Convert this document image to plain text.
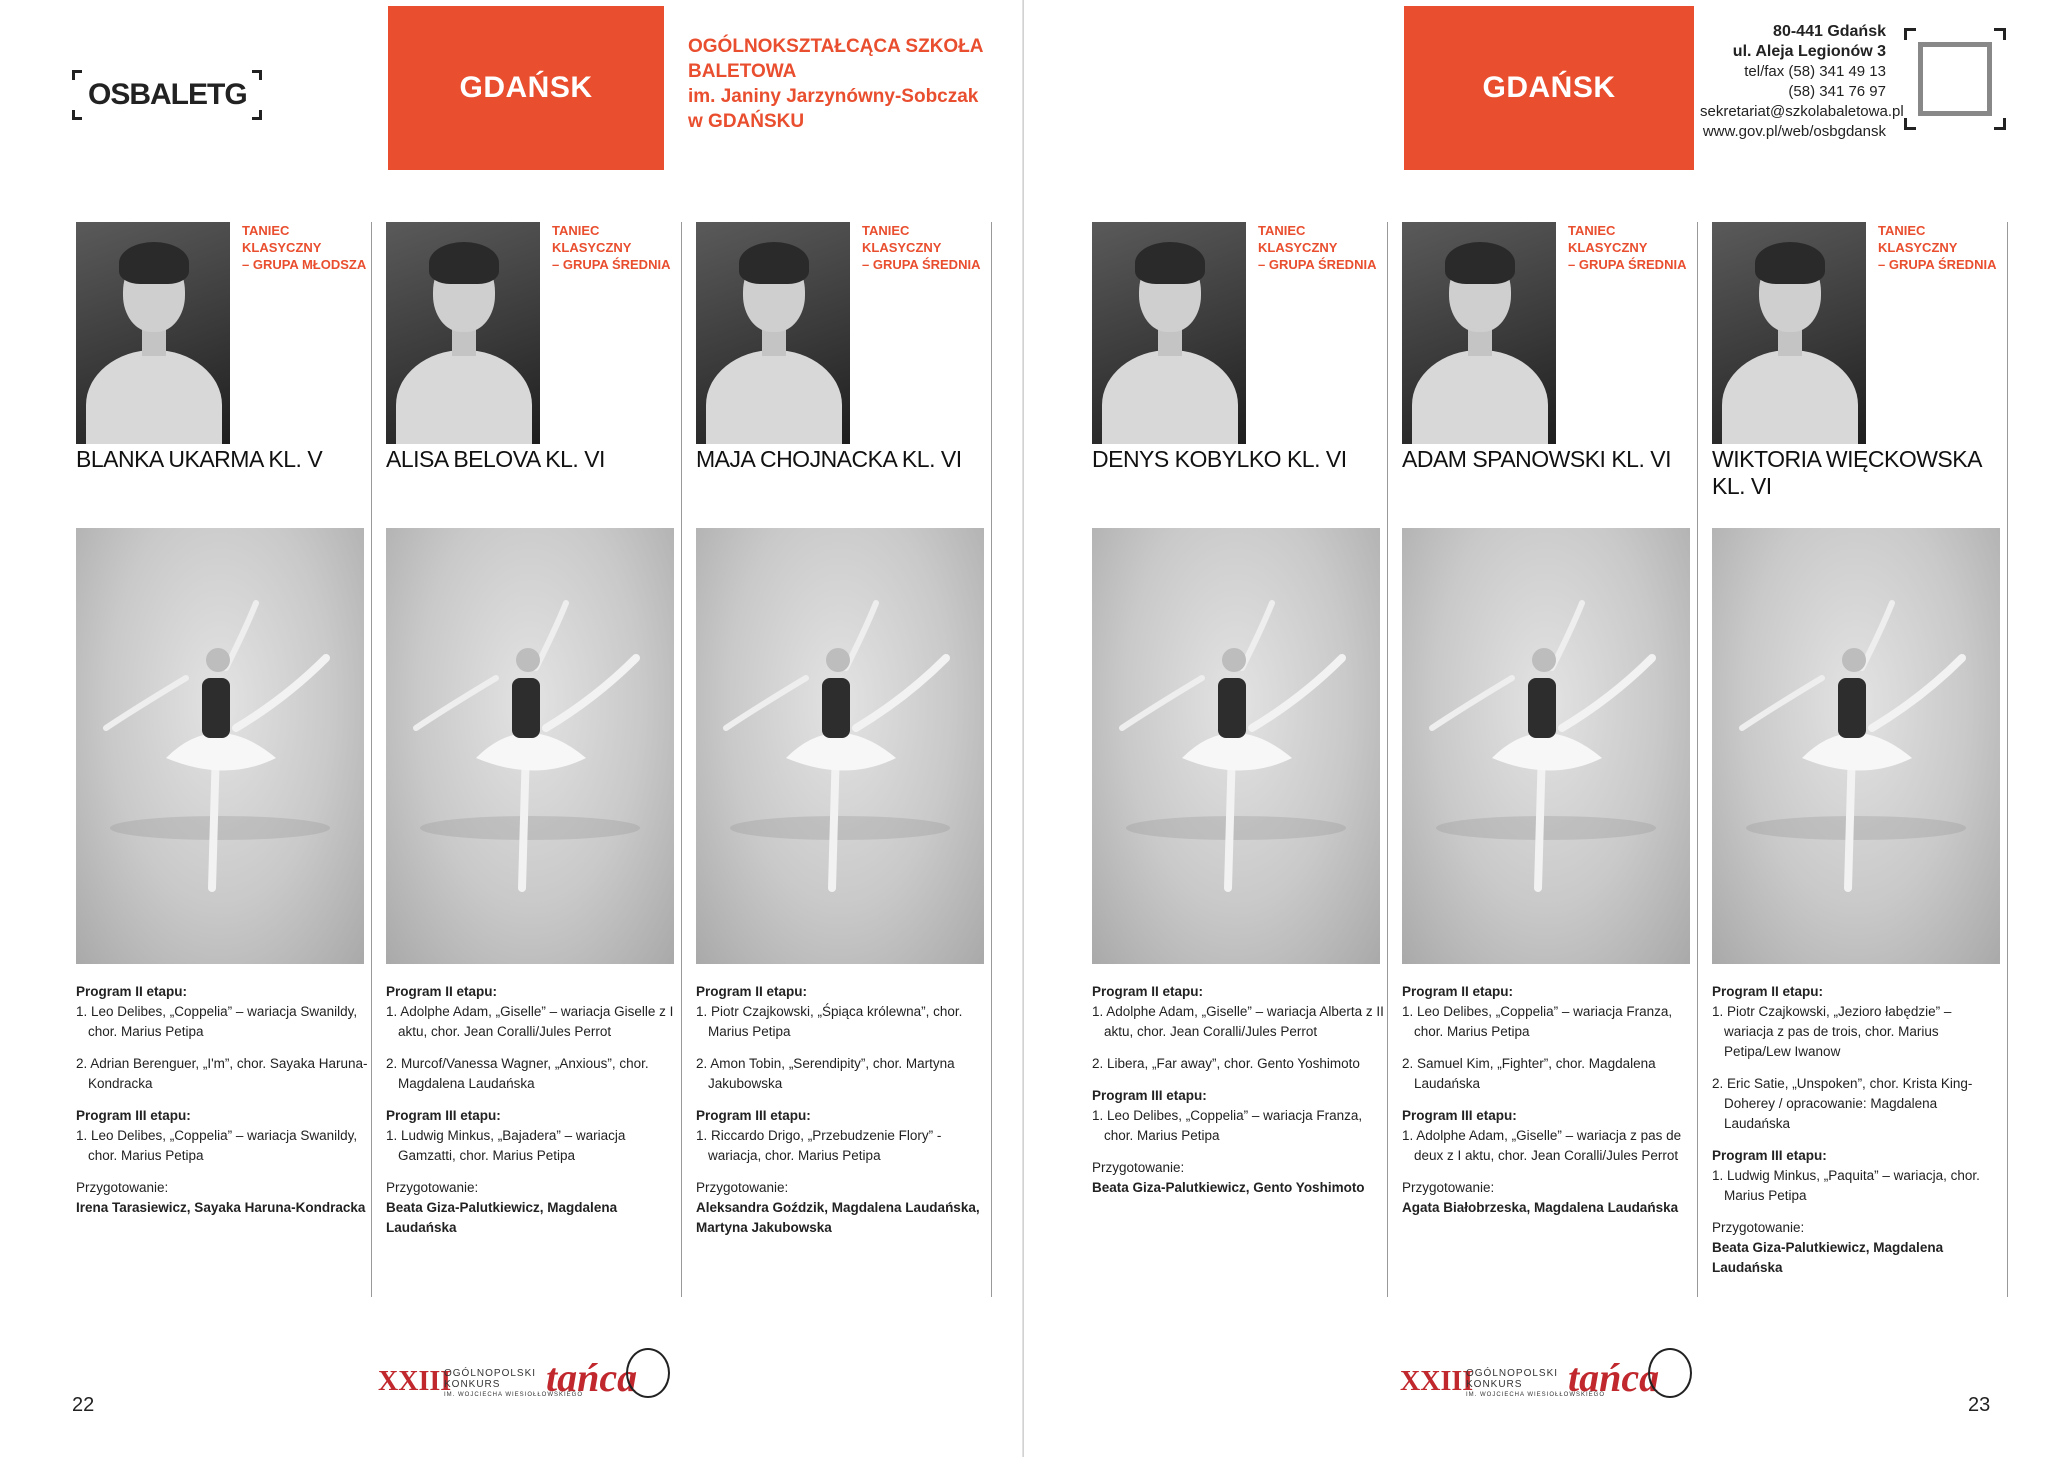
OSBALETG	GDAŃSK
OGÓLNOKSZTAŁCĄCA SZKOŁA BALETOWA
im. Janiny Jarzynówny-Sobczak
w GDAŃSKU
GDAŃSK
80-441 Gdańsk
ul. Aleja Legionów 3
tel/fax (58) 341 49 13
(58) 341 76 97
sekretariat@szkolabaletowa.pl
www.gov.pl/web/osbgdansk
TANIEC
KLASYCZNY
– GRUPA MŁODSZA
BLANKA UKARMA KL. V
Program II etapu:
1. Leo Delibes, „Coppelia” – wariacja Swanildy, chor. Marius Petipa
2. Adrian Berenguer, „I'm”, chor. Sayaka Haruna-Kondracka
Program III etapu:
1. Leo Delibes, „Coppelia” – wariacja Swanildy, chor. Marius Petipa
Przygotowanie:
Irena Tarasiewicz, Sayaka Haruna-Kondracka
TANIEC
KLASYCZNY
– GRUPA ŚREDNIA
ALISA BELOVA KL. VI
Program II etapu:
1. Adolphe Adam, „Giselle” – wariacja Giselle z I aktu, chor. Jean Coralli/Jules Perrot
2. Murcof/Vanessa Wagner, „Anxious”, chor. Magdalena Laudańska
Program III etapu:
1. Ludwig Minkus, „Bajadera” – wariacja Gamzatti, chor. Marius Petipa
Przygotowanie:
Beata Giza-Palutkiewicz, Magdalena Laudańska
TANIEC
KLASYCZNY
– GRUPA ŚREDNIA
MAJA CHOJNACKA KL. VI
Program II etapu:
1. Piotr Czajkowski, „Śpiąca królewna”, chor. Marius Petipa
2. Amon Tobin, „Serendipity”, chor. Martyna Jakubowska
Program III etapu:
1. Riccardo Drigo, „Przebudzenie Flory” - wariacja, chor. Marius Petipa
Przygotowanie:
Aleksandra Goździk, Magdalena Laudańska, Martyna Jakubowska
TANIEC
KLASYCZNY
– GRUPA ŚREDNIA
DENYS KOBYLKO KL. VI
Program II etapu:
1. Adolphe Adam, „Giselle” – wariacja Alberta z II aktu, chor. Jean Coralli/Jules Perrot
2. Libera, „Far away”, chor. Gento Yoshimoto
Program III etapu:
1. Leo Delibes, „Coppelia” – wariacja Franza, chor. Marius Petipa
Przygotowanie:
Beata Giza-Palutkiewicz, Gento Yoshimoto
TANIEC
KLASYCZNY
– GRUPA ŚREDNIA
ADAM SPANOWSKI KL. VI
Program II etapu:
1. Leo Delibes, „Coppelia” – wariacja Franza, chor. Marius Petipa
2. Samuel Kim, „Fighter”, chor. Magdalena Laudańska
Program III etapu:
1. Adolphe Adam, „Giselle” – wariacja z pas de deux z I aktu, chor. Jean Coralli/Jules Perrot
Przygotowanie:
Agata Białobrzeska, Magdalena Laudańska
TANIEC
KLASYCZNY
– GRUPA ŚREDNIA
WIKTORIA WIĘCKOWSKA KL. VI
Program II etapu:
1. Piotr Czajkowski, „Jezioro łabędzie” – wariacja z pas de trois, chor. Marius Petipa/Lew Iwanow
2. Eric Satie, „Unspoken”, chor. Krista King-Doherey / opracowanie: Magdalena Laudańska
Program III etapu:
1. Ludwig Minkus, „Paquita” – wariacja, chor. Marius Petipa
Przygotowanie:
Beata Giza-Palutkiewicz, Magdalena Laudańska
XXIII
OGÓLNOPOLSKI
KONKURS
IM. WOJCIECHA WIESIOŁŁOWSKIEGO
tańca
22
XXIII
OGÓLNOPOLSKI
KONKURS
IM. WOJCIECHA WIESIOŁŁOWSKIEGO
tańca
23
